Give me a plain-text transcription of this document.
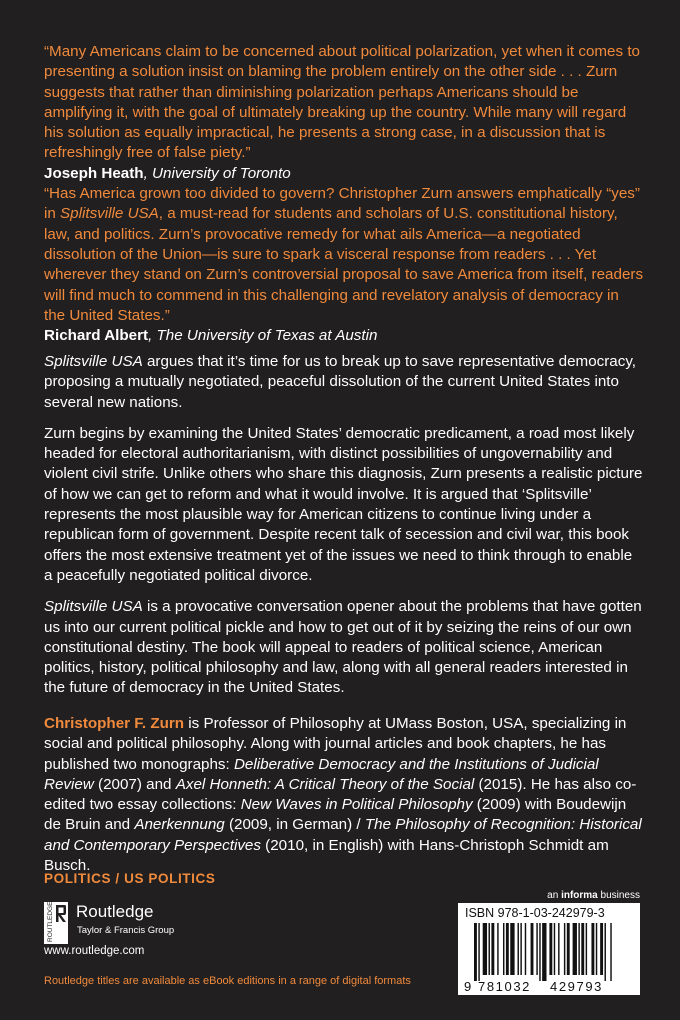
“Many Americans claim to be concerned about political polarization, yet when it comes to presenting a solution insist on blaming the problem entirely on the other side . . . Zurn suggests that rather than diminishing polarization perhaps Americans should be amplifying it, with the goal of ultimately breaking up the country. While many will regard his solution as equally impractical, he presents a strong case, in a discussion that is refreshingly free of false piety.”

Joseph Heath, University of Toronto

“Has America grown too divided to govern? Christopher Zurn answers emphatically “yes” in Splitsville USA, a must-read for students and scholars of U.S. constitutional history, law, and politics. Zurn’s provocative remedy for what ails America—a negotiated dissolution of the Union—is sure to spark a visceral response from readers . . . Yet wherever they stand on Zurn’s controversial proposal to save America from itself, readers will find much to commend in this challenging and revelatory analysis of democracy in the United States.”

Richard Albert, The University of Texas at Austin

Splitsville USA argues that it’s time for us to break up to save representative democracy, proposing a mutually negotiated, peaceful dissolution of the current United States into several new nations.

Zurn begins by examining the United States’ democratic predicament, a road most likely headed for electoral authoritarianism, with distinct possibilities of ungovernability and violent civil strife. Unlike others who share this diagnosis, Zurn presents a realistic picture of how we can get to reform and what it would involve. It is argued that ‘Splitsville’ represents the most plausible way for American citizens to continue living under a republican form of government. Despite recent talk of secession and civil war, this book offers the most extensive treatment yet of the issues we need to think through to enable a peacefully negotiated political divorce.

Splitsville USA is a provocative conversation opener about the problems that have gotten us into our current political pickle and how to get out of it by seizing the reins of our own constitutional destiny. The book will appeal to readers of political science, American politics, history, political philosophy and law, along with all general readers interested in the future of democracy in the United States.

Christopher F. Zurn is Professor of Philosophy at UMass Boston, USA, specializing in social and political philosophy. Along with journal articles and book chapters, he has published two monographs: Deliberative Democracy and the Institutions of Judicial Review (2007) and Axel Honneth: A Critical Theory of the Social (2015). He has also co-edited two essay collections: New Waves in Political Philosophy (2009) with Boudewijn de Bruin and Anerkennung (2009, in German) / The Philosophy of Recognition: Historical and Contemporary Perspectives (2010, in English) with Hans-Christoph Schmidt am Busch.

POLITICS / US POLITICS
ROUTLEDGE Routledge
Taylor & Francis Group
www.routledge.com
Routledge titles are available as eBook editions in a range of digital formats
an informa business
ISBN 978-1-03-242979-3
9 781032 429793
